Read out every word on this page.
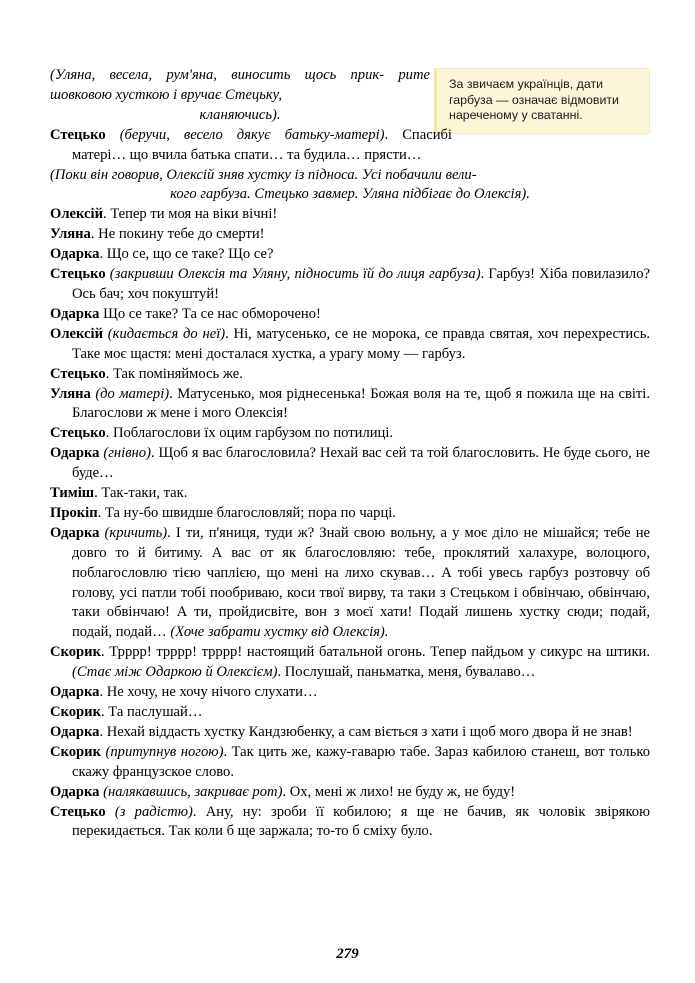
За звичаєм українців, дати гарбуза — означає відмовити нареченому у сватанні.

(Уляна, весела, рум'яна, виносить щось прик- рите шовковою хусткою і вручає Стецьку,
кланяючись).

Стецько (беручи, весело дякує батьку-матері). Спасибі матері… що вчила батька спати… та будила… прясти…

(Поки він говорив, Олексій зняв хустку із підноса. Усі побачили вели-
кого гарбуза. Стецько завмер. Уляна підбігає до Олексія).

Олексій. Тепер ти моя на віки вічні!

Уляна. Не покину тебе до смерти!

Одарка. Що се, що се таке? Що се?

Стецько (закривши Олексія та Уляну, підносить їй до лиця гарбуза). Гарбуз! Хіба повилазило? Ось бач; хоч покуштуй!

Одарка Що се таке? Та се нас обморочено!

Олексій (кидається до неї). Ні, матусенько, се не морока, се правда святая, хоч перехрестись. Таке моє щастя: мені досталася хустка, а урагу мому — гарбуз.

Стецько. Так поміняймось же.

Уляна (до матері). Матусенько, моя рiднесенька! Божая воля на те, щоб я пожила ще на світі. Благослови ж мене і мого Олексія!

Стецько. Поблагослови їх оцим гарбузом по потилиці.

Одарка (гнівно). Щоб я вас благословила? Нехай вас сей та той благословить. Не буде сього, не буде…

Тиміш. Так-таки, так.

Прокіп. Та ну-бо швидше благословляй; пора по чарці.

Одарка (кричить). І ти, п'яниця, туди ж? Знай свою вольну, а у моє діло не мішайся; тебе не довго то й битиму. А вас от як благословляю: тебе, проклятий халахуре, волоцюго, поблагословлю тією чаплією, що мені на лихо скував… А тобі увесь гарбуз розтовчу об голову, усі патли тобі пообриваю, коси твої вирву, та таки з Стецьком і обвінчаю, обвінчаю, таки обвінчаю! А ти, пройдисвіте, вон з моєї хати! Подай лишень хустку сюди; подай, подай, подай… (Хоче забрати хустку від Олексія).

Скорик. Трррр! трррр! трррр! настоящий батальной огонь. Тепер пайдьом у сикурс на штики. (Стає між Одаркою й Олексієм). Послушай, паньматка, меня, бувалаво…

Одарка. Не хочу, не хочу нічого слухати…

Скорик. Та паслушай…

Одарка. Нехай віддасть хустку Кандзюбенку, а сам віється з хати і щоб мого двора й не знав!

Скорик (притупнув ногою). Так цить же, кажу-гаварю табе. Зараз кабилою станеш, вот только скажу французское слово.

Одарка (налякавшись, закриває рот). Ох, мені ж лихо! не буду ж, не буду!

Стецько (з радістю). Ану, ну: зроби її кобилою; я ще не бачив, як чоловік звірякою перекидається. Так коли б ще заржала; то-то б сміху було.

279
